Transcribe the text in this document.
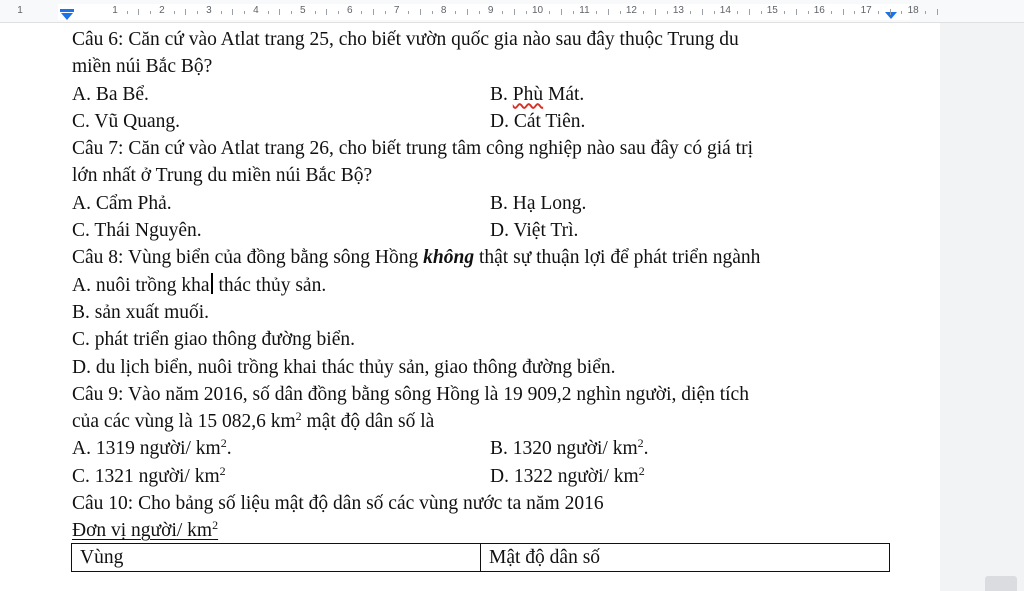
1	1	2	3	4	5	6	7	8	9	10	11	12	13	14	15	16	17	18
Câu 6: Căn cứ vào Atlat trang 25, cho biết vườn quốc gia nào sau đây thuộc Trung du
miền núi Bắc Bộ?
A. Ba Bể.	B. Phù Mát.
C. Vũ Quang.	D. Cát Tiên.
Câu 7: Căn cứ vào Atlat trang 26, cho biết trung tâm công nghiệp nào sau đây có giá trị
lớn nhất ở Trung du miền núi Bắc Bộ?
A. Cẩm Phả.	B. Hạ Long.
C. Thái Nguyên.	D. Việt Trì.
Câu 8: Vùng biển của đồng bằng sông Hồng không thật sự thuận lợi để phát triển ngành
A. nuôi trồng kha thác thủy sản.
B. sản xuất muối.
C. phát triển giao thông đường biển.
D. du lịch biển, nuôi trồng khai thác thủy sản, giao thông đường biển.
Câu 9: Vào năm 2016, số dân đồng bằng sông Hồng là 19 909,2 nghìn người, diện tích
của các vùng là 15 082,6 $km^2$ mật độ dân số là
A. 1319 người/ $km^2$.	B. 1320 người/ $km^2$.
C. 1321 người/ $km^2$	D. 1322 người/ $km^2$
Câu 10: Cho bảng số liệu mật độ dân số các vùng nước ta năm 2016
Đơn vị người/ $km^2$
Vùng	Mật độ dân số
